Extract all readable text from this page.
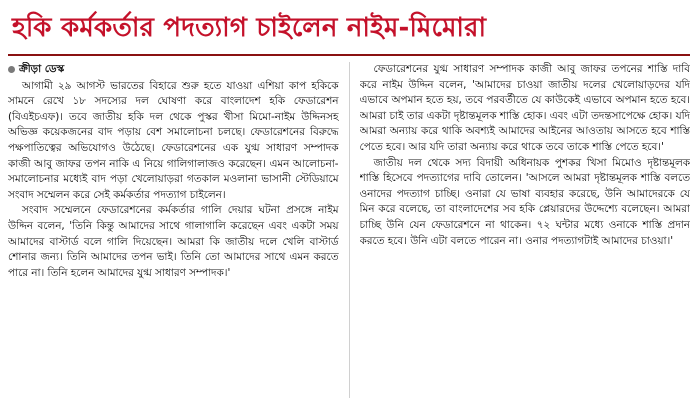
হকি কর্মকর্তার পদত্যাগ চাইলেন নাইম-মিমোরা
ক্রীড়া ডেস্ক

আগামী ২৯ আগস্ট ভারতের বিহারে শুরু হতে যাওয়া এশিয়া কাপ হকিকে সামনে রেখে ১৮ সদস্যের দল ঘোষণা করে বাংলাদেশ হকি ফেডারেশন (বিএইচএফ)। তবে জাতীয় হকি দল থেকে পুস্কর খীসা মিমো-নাইম উদ্দিনসহ অভিজ্ঞ কয়েকজনের বাদ পড়ায় বেশ সমালোচনা চলছে। ফেডারেশনের বিরুদ্ধে পক্ষপাতিত্বের অভিযোগও উঠেছে। ফেডারেশনের এক যুগ্ম সাধারণ সম্পাদক কাজী আবু জাফর তপন নাকি এ নিয়ে গালিগালাজও করেছেন। এমন আলোচনা-সমালোচনার মধ্যেই বাদ পড়া খেলোয়াড়রা গতকাল মওলানা ভাসানী স্টেডিয়ামে সংবাদ সম্মেলন করে সেই কর্মকর্তার পদত্যাগ চাইলেন।

সংবাদ সম্মেলনে ফেডারেশনের কর্মকর্তার গালি দেয়ার ঘটনা প্রসঙ্গে নাইম উদ্দিন বলেন, 'তিনি কিন্তু আমাদের সাথে গালাগালি করেছেন এবং একটা সময় আমাদের বাস্টার্ড বলে গালি দিয়েছেন। আমরা কি জাতীয় দলে খেলি বাস্টার্ড শোনার জন্য। তিনি আমাদের তপন ভাই। তিনি তো আমাদের সাথে এমন করতে পারে না। তিনি হলেন আমাদের যুগ্ম সাধারণ সম্পাদক।'

ফেডারেশনের যুগ্ম সাধারণ সম্পাদক কাজী আবু জাফর তপনের শাস্তি দাবি করে নাইম উদ্দিন বলেন, 'আমাদের চাওয়া জাতীয় দলের খেলোয়াড়দের যদি এভাবে অপমান হতে হয়, তবে পরবর্তীতে যে কাউকেই এভাবে অপমান হতে হবে। আমরা চাই তার একটা দৃষ্টান্তমূলক শাস্তি হোক। এবং এটা তদন্তসাপেক্ষে হোক। যদি আমরা অন্যায় করে থাকি অবশ্যই আমাদের আইনের আওতায় আসতে হবে শাস্তি পেতে হবে। আর যদি তারা অন্যায় করে থাকে তবে তাকে শাস্তি পেতে হবে।'

জাতীয় দল থেকে সদ্য বিদায়ী অধিনায়ক পুশকর খিসা মিমোও দৃষ্টান্তমূলক শাস্তি হিসেবে পদত্যাগের দাবি তোলেন। 'আসলে আমরা দৃষ্টান্তমূলক শাস্তি বলতে ওনাদের পদত্যাগ চাচ্ছি। ওনারা যে ভাষা ব্যবহার করেছে, উনি আমাদেরকে যে মিন করে বলেছে, তা বাংলাদেশের সব হকি প্লেয়ারদের উদ্দেশ্যে বলেছেন। আমরা চাচ্ছি উনি যেন ফেডারেশনে না থাকেন। ৭২ ঘন্টার মধ্যে ওনাকে শাস্তি প্রদান করতে হবে। উনি এটা বলতে পারেন না। ওনার পদত্যাগটাই আমাদের চাওয়া।'
